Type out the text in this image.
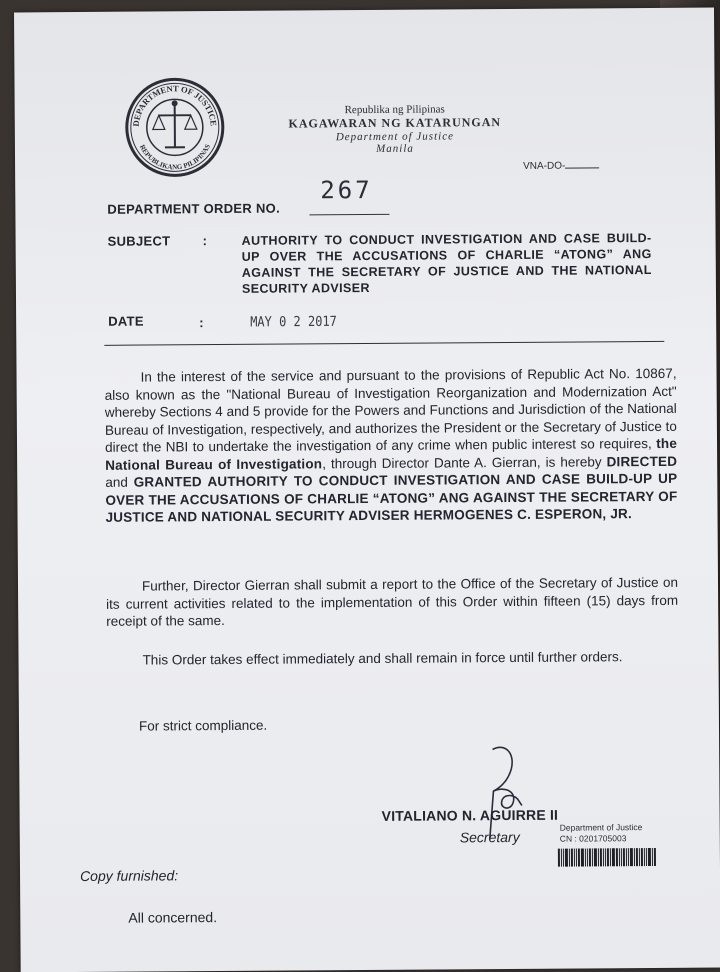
DEPARTMENT OF JUSTICE
REPUBLIKANG PILIPINAS
Republika ng Pilipinas
KAGAWARAN NG KATARUNGAN
Department of Justice
Manila
VNA-DO-
DEPARTMENT ORDER NO.
267
SUBJECT :	AUTHORITY TO CONDUCT INVESTIGATION AND CASE BUILD-UP OVER THE ACCUSATIONS OF CHARLIE “ATONG” ANG AGAINST THE SECRETARY OF JUSTICE AND THE NATIONAL SECURITY ADVISER
DATE	:	MAY 0 2 2017
In the interest of the service and pursuant to the provisions of Republic Act No. 10867, also known as the "National Bureau of Investigation Reorganization and Modernization Act" whereby Sections 4 and 5 provide for the Powers and Functions and Jurisdiction of the National Bureau of Investigation, respectively, and authorizes the President or the Secretary of Justice to direct the NBI to undertake the investigation of any crime when public interest so requires, the National Bureau of Investigation, through Director Dante A. Gierran, is hereby DIRECTED and GRANTED AUTHORITY TO CONDUCT INVESTIGATION AND CASE BUILD-UP UP OVER THE ACCUSATIONS OF CHARLIE “ATONG” ANG AGAINST THE SECRETARY OF JUSTICE AND NATIONAL SECURITY ADVISER HERMOGENES C. ESPERON, JR.
Further, Director Gierran shall submit a report to the Office of the Secretary of Justice on its current activities related to the implementation of this Order within fifteen (15) days from receipt of the same.
This Order takes effect immediately and shall remain in force until further orders.
For strict compliance.
VITALIANO N. AGUIRRE II
Secretary
Department of Justice
CN : 0201705003
Copy furnished:
All concerned.
